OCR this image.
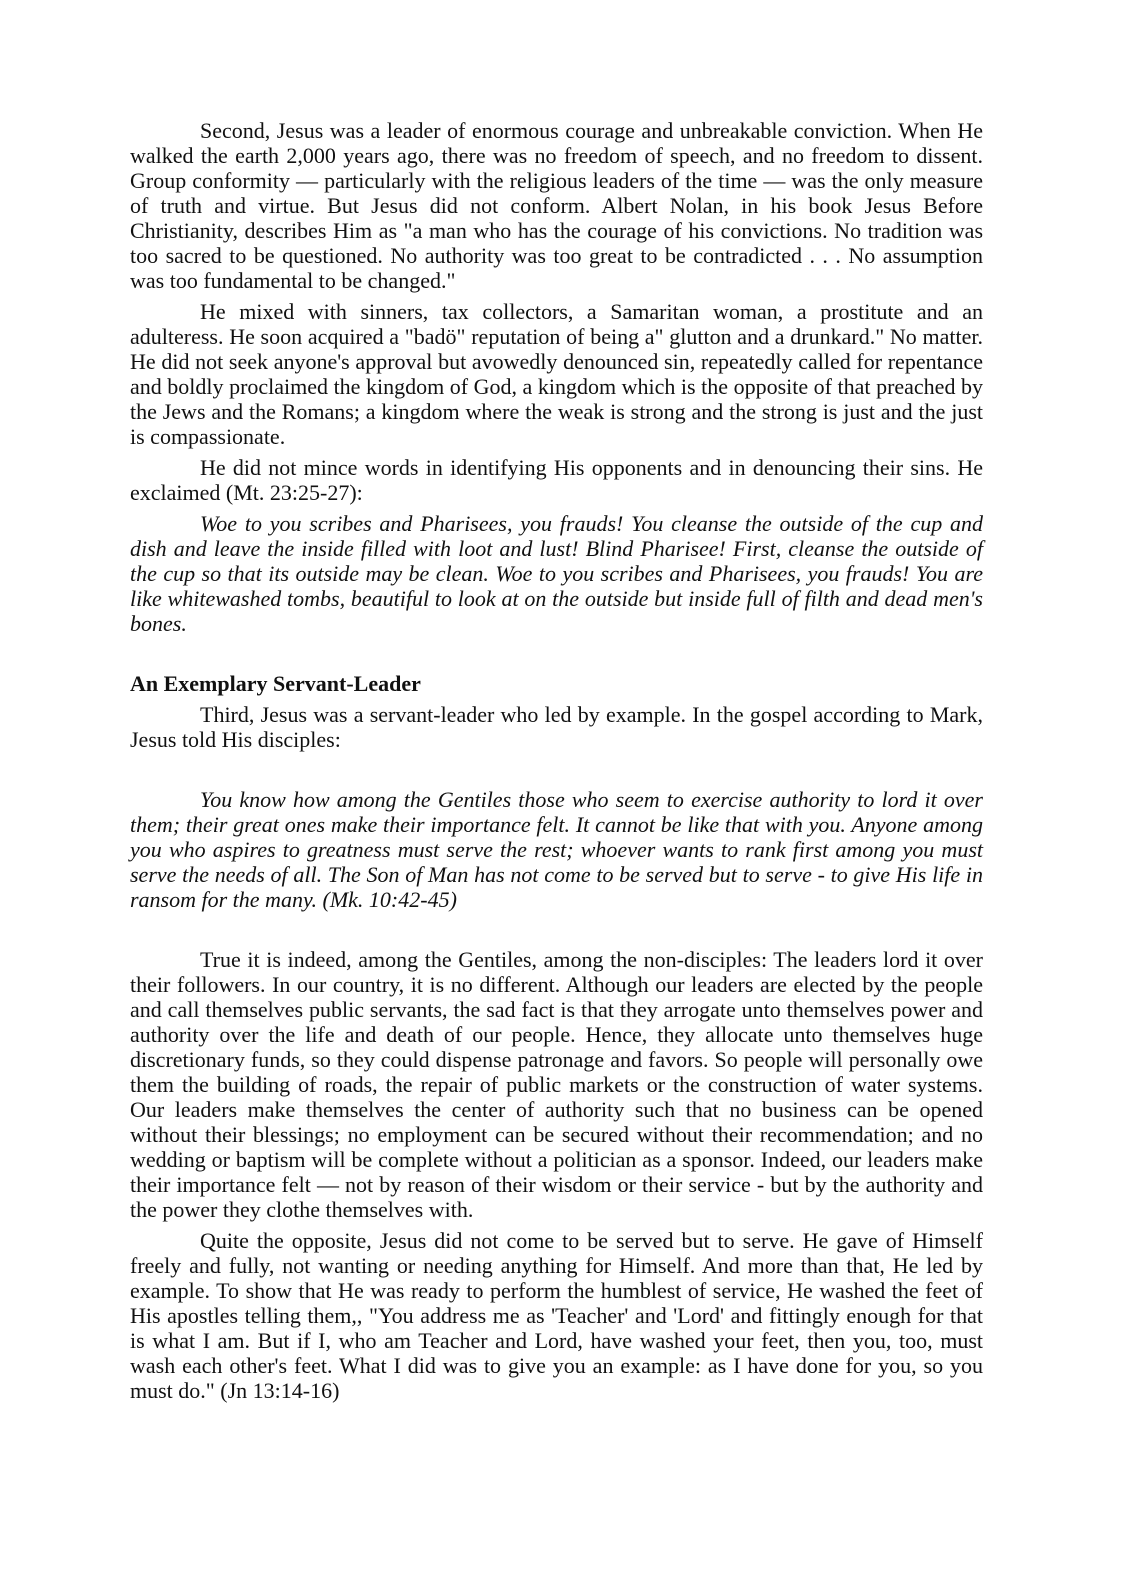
Second, Jesus was a leader of enormous courage and unbreakable conviction. When He walked the earth 2,000 years ago, there was no freedom of speech, and no freedom to dissent. Group conformity — particularly with the religious leaders of the time — was the only measure of truth and virtue. But Jesus did not conform. Albert Nolan, in his book Jesus Before Christianity, describes Him as "a man who has the courage of his convictions. No tradition was too sacred to be questioned. No authority was too great to be contradicted . . . No assumption was too fundamental to be changed."

He mixed with sinners, tax collectors, a Samaritan woman, a prostitute and an adulteress. He soon acquired a "badö" reputation of being a" glutton and a drunkard." No matter. He did not seek anyone's approval but avowedly denounced sin, repeatedly called for repentance and boldly proclaimed the kingdom of God, a kingdom which is the opposite of that preached by the Jews and the Romans; a kingdom where the weak is strong and the strong is just and the just is compassionate.

He did not mince words in identifying His opponents and in denouncing their sins. He exclaimed (Mt. 23:25-27):

Woe to you scribes and Pharisees, you frauds! You cleanse the outside of the cup and dish and leave the inside filled with loot and lust! Blind Pharisee! First, cleanse the outside of the cup so that its outside may be clean. Woe to you scribes and Pharisees, you frauds! You are like whitewashed tombs, beautiful to look at on the outside but inside full of filth and dead men's bones.

An Exemplary Servant-Leader

Third, Jesus was a servant-leader who led by example. In the gospel according to Mark, Jesus told His disciples:

You know how among the Gentiles those who seem to exercise authority to lord it over them; their great ones make their importance felt. It cannot be like that with you. Anyone among you who aspires to greatness must serve the rest; whoever wants to rank first among you must serve the needs of all. The Son of Man has not come to be served but to serve - to give His life in ransom for the many. (Mk. 10:42-45)

True it is indeed, among the Gentiles, among the non-disciples: The leaders lord it over their followers. In our country, it is no different. Although our leaders are elected by the people and call themselves public servants, the sad fact is that they arrogate unto themselves power and authority over the life and death of our people. Hence, they allocate unto themselves huge discretionary funds, so they could dispense patronage and favors. So people will personally owe them the building of roads, the repair of public markets or the construction of water systems. Our leaders make themselves the center of authority such that no business can be opened without their blessings; no employment can be secured without their recommendation; and no wedding or baptism will be complete without a politician as a sponsor. Indeed, our leaders make their importance felt — not by reason of their wisdom or their service - but by the authority and the power they clothe themselves with.

Quite the opposite, Jesus did not come to be served but to serve. He gave of Himself freely and fully, not wanting or needing anything for Himself. And more than that, He led by example. To show that He was ready to perform the humblest of service, He washed the feet of His apostles telling them,, "You address me as 'Teacher' and 'Lord' and fittingly enough for that is what I am. But if I, who am Teacher and Lord, have washed your feet, then you, too, must wash each other's feet. What I did was to give you an example: as I have done for you, so you must do." (Jn 13:14-16)
